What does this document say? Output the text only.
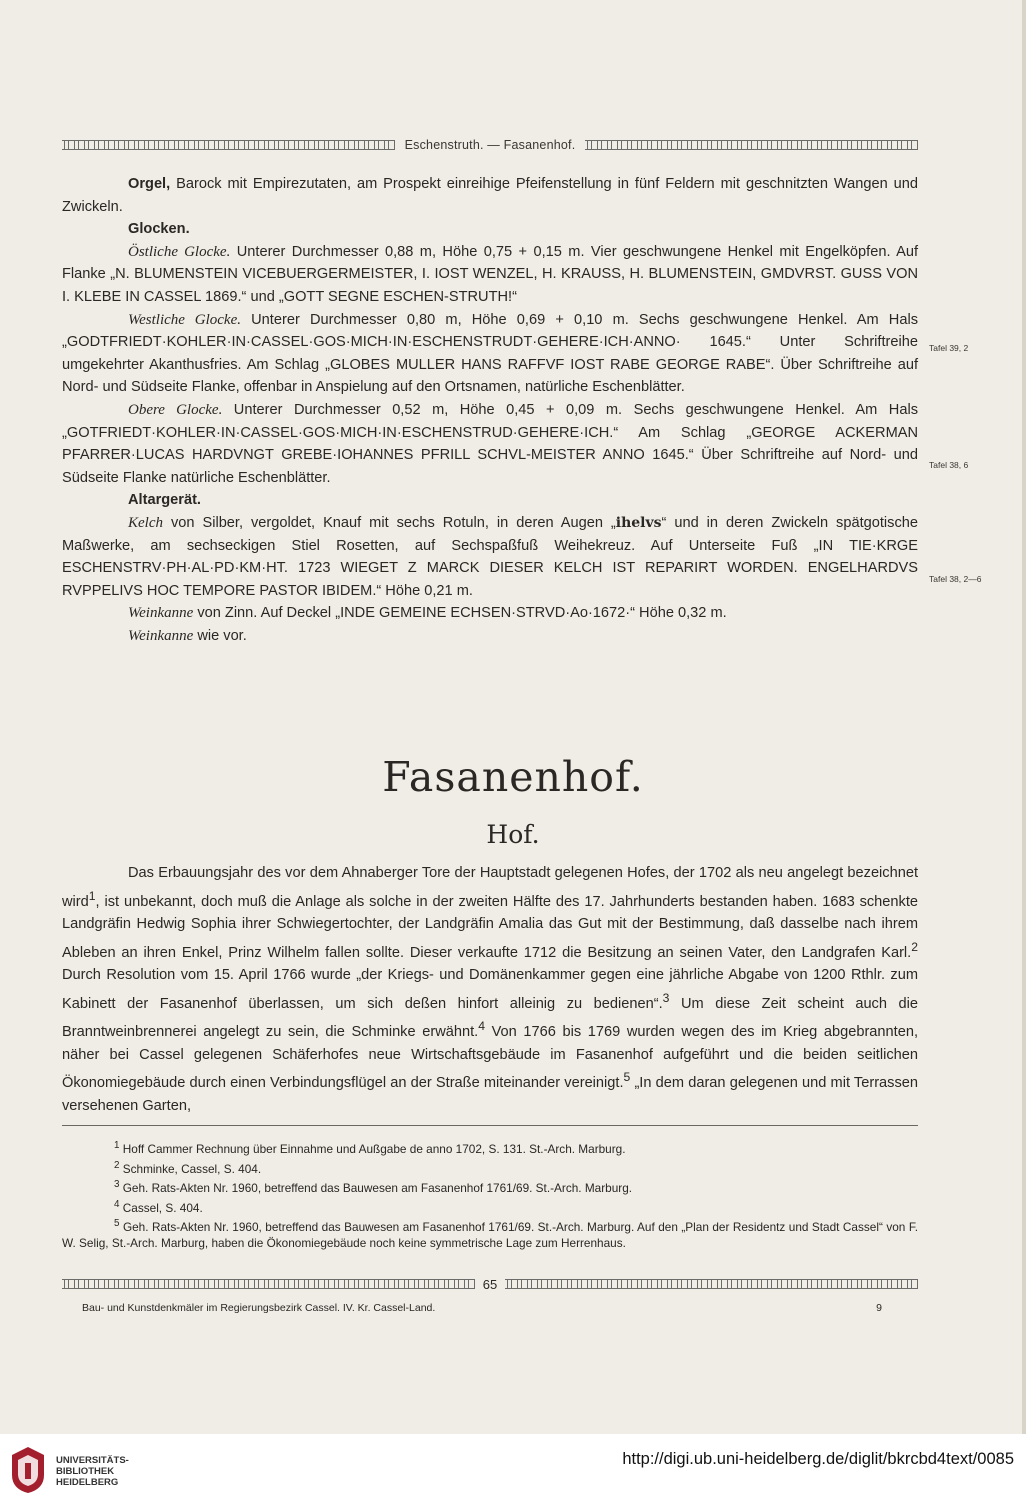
Eschenstruth. — Fasanenhof.

Orgel, Barock mit Empirezutaten, am Prospekt einreihige Pfeifenstellung in fünf Feldern mit geschnitzten Wangen und Zwickeln.

Glocken.

Östliche Glocke. Unterer Durchmesser 0,88 m, Höhe 0,75 + 0,15 m. Vier geschwungene Henkel mit Engelköpfen. Auf Flanke „N. BLUMENSTEIN VICEBUERGERMEISTER, I. IOST WENZEL, H. KRAUSS, H. BLUMENSTEIN, GMDVRST. GUSS VON I. KLEBE IN CASSEL 1869.“ und „GOTT SEGNE ESCHEN-STRUTH!“

Westliche Glocke. Unterer Durchmesser 0,80 m, Höhe 0,69 + 0,10 m. Sechs geschwungene Henkel. Am Hals „GODTFRIEDT·KOHLER·IN·CASSEL·GOS·MICH·IN·ESCHENSTRUDT·GEHERE·ICH·ANNO· 1645.“ Unter Schriftreihe umgekehrter Akanthusfries. Am Schlag „GLOBES MULLER HANS RAFFVF IOST RABE GEORGE RABE“. Über Schriftreihe auf Nord- und Südseite Flanke, offenbar in Anspielung auf den Ortsnamen, natürliche Eschenblätter.

Obere Glocke. Unterer Durchmesser 0,52 m, Höhe 0,45 + 0,09 m. Sechs geschwungene Henkel. Am Hals „GOTFRIEDT·KOHLER·IN·CASSEL·GOS·MICH·IN·ESCHENSTRUD·GEHERE·ICH.“ Am Schlag „GEORGE ACKERMAN PFARRER·LUCAS HARDVNGT GREBE·IOHANNES PFRILL SCHVL-MEISTER ANNO 1645.“ Über Schriftreihe auf Nord- und Südseite Flanke natürliche Eschenblätter.

Altargerät.

Kelch von Silber, vergoldet, Knauf mit sechs Rotuln, in deren Augen „ihelvs“ und in deren Zwickeln spätgotische Maßwerke, am sechseckigen Stiel Rosetten, auf Sechspaßfuß Weihekreuz. Auf Unterseite Fuß „IN TIE·KRGE ESCHENSTRV·PH·AL·PD·KM·HT. 1723 WIEGET Z MARCK DIESER KELCH IST REPARIRT WORDEN. ENGELHARDVS RVPPELIVS HOC TEMPORE PASTOR IBIDEM.“ Höhe 0,21 m.

Weinkanne von Zinn. Auf Deckel „INDE GEMEINE ECHSEN·STRVD·Ao·1672·“ Höhe 0,32 m.

Weinkanne wie vor.

Tafel 39, 2
Tafel 38, 6
Tafel 38, 2—6
Fasanenhof.
Hof.

Das Erbauungsjahr des vor dem Ahnaberger Tore der Hauptstadt gelegenen Hofes, der 1702 als neu angelegt bezeichnet wird$^1$, ist unbekannt, doch muß die Anlage als solche in der zweiten Hälfte des 17. Jahrhunderts bestanden haben. 1683 schenkte Landgräfin Hedwig Sophia ihrer Schwiegertochter, der Landgräfin Amalia das Gut mit der Bestimmung, daß dasselbe nach ihrem Ableben an ihren Enkel, Prinz Wilhelm fallen sollte. Dieser verkaufte 1712 die Besitzung an seinen Vater, den Landgrafen Karl.$^2$ Durch Resolution vom 15. April 1766 wurde „der Kriegs- und Domänenkammer gegen eine jährliche Abgabe von 1200 Rthlr. zum Kabinett der Fasanenhof überlassen, um sich deßen hinfort alleinig zu bedienen“.$^3$ Um diese Zeit scheint auch die Branntweinbrennerei angelegt zu sein, die Schminke erwähnt.$^4$ Von 1766 bis 1769 wurden wegen des im Krieg abgebrannten, näher bei Cassel gelegenen Schäferhofes neue Wirtschaftsgebäude im Fasanenhof aufgeführt und die beiden seitlichen Ökonomiegebäude durch einen Verbindungsflügel an der Straße miteinander vereinigt.$^5$ „In dem daran gelegenen und mit Terrassen versehenen Garten,

$^1$ Hoff Cammer Rechnung über Einnahme und Außgabe de anno 1702, S. 131. St.-Arch. Marburg.

$^2$ Schminke, Cassel, S. 404.

$^3$ Geh. Rats-Akten Nr. 1960, betreffend das Bauwesen am Fasanenhof 1761/69. St.-Arch. Marburg.

$^4$ Cassel, S. 404.

$^5$ Geh. Rats-Akten Nr. 1960, betreffend das Bauwesen am Fasanenhof 1761/69. St.-Arch. Marburg. Auf den „Plan der Residentz und Stadt Cassel“ von F. W. Selig, St.-Arch. Marburg, haben die Ökonomiegebäude noch keine symmetrische Lage zum Herrenhaus.

65
Bau- und Kunstdenkmäler im Regierungsbezirk Cassel. IV. Kr. Cassel-Land.	9
UNIVERSITÄTS-
BIBLIOTHEK
HEIDELBERG
http://digi.ub.uni-heidelberg.de/diglit/bkrcbd4text/0085
